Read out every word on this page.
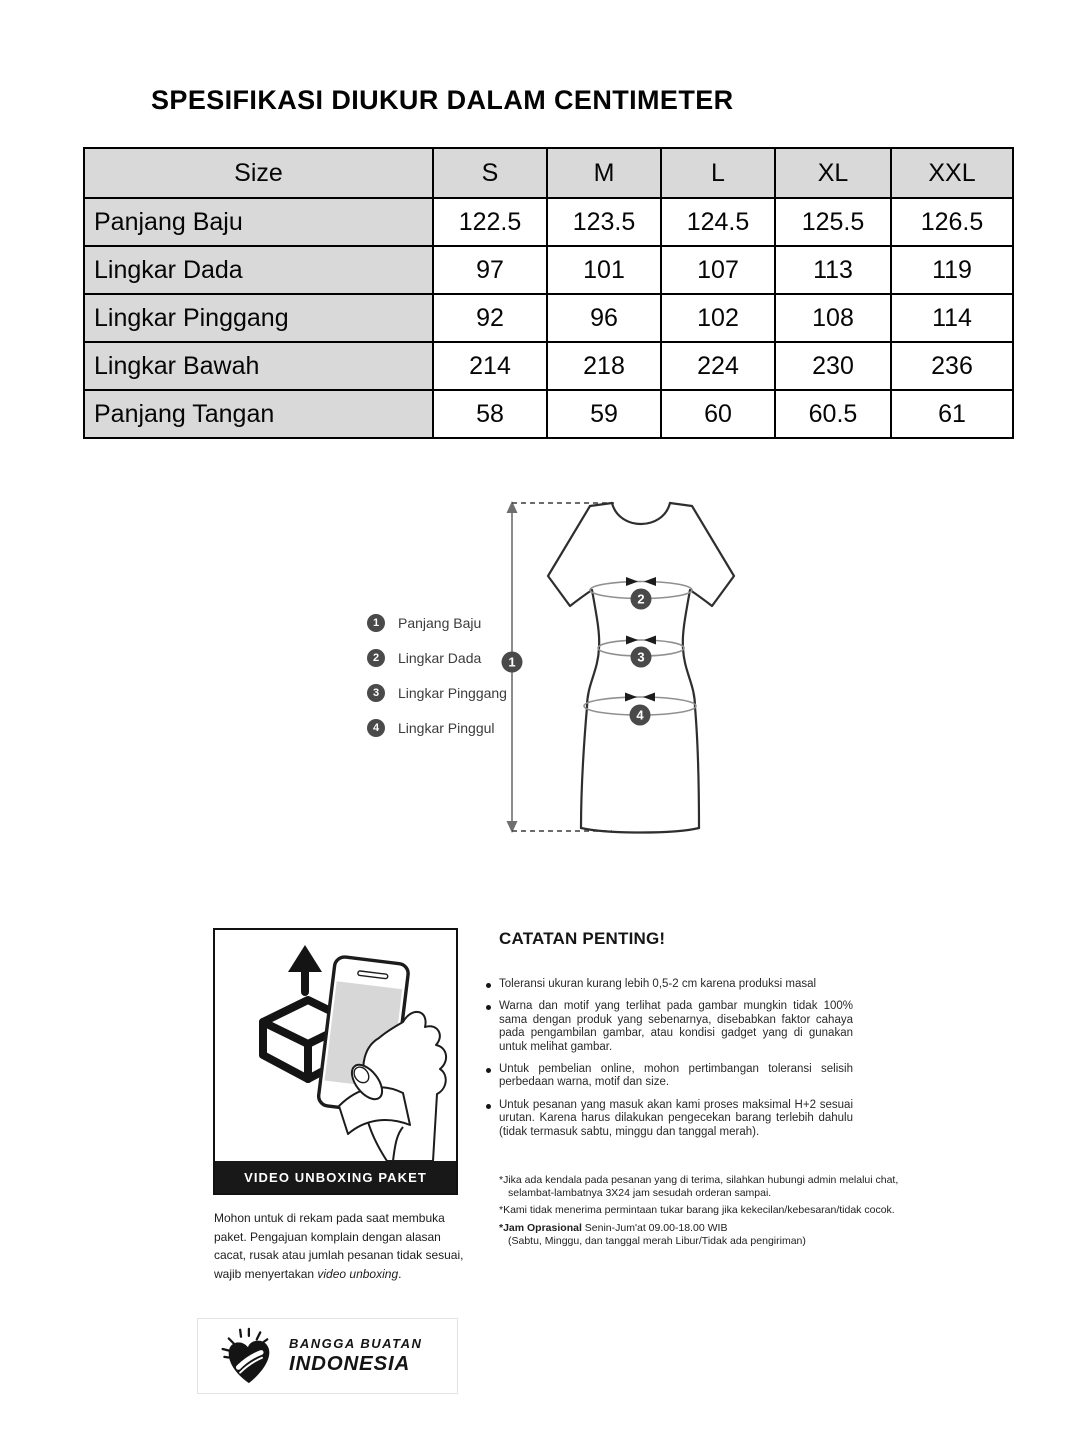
SPESIFIKASI DIUKUR DALAM CENTIMETER
Size	S	M	L	XL	XXL
Panjang Baju	122.5	123.5	124.5	125.5	126.5
Lingkar Dada	97	101	107	113	119
Lingkar Pinggang	92	96	102	108	114
Lingkar Bawah	214	218	224	230	236
Panjang Tangan	58	59	60	60.5	61
1
2
3
4
1	Panjang Baju
2	Lingkar Dada
3	Lingkar Pinggang
4	Lingkar Pinggul
VIDEO UNBOXING PAKET

Mohon untuk di rekam pada saat membuka paket. Pengajuan komplain dengan alasan cacat, rusak atau jumlah pesanan tidak sesuai, wajib menyertakan video unboxing.

CATATAN PENTING!

Toleransi ukuran kurang lebih 0,5-2 cm karena produksi masal

Warna dan motif yang terlihat pada gambar mungkin tidak 100% sama dengan produk yang sebenarnya, disebabkan faktor cahaya pada pengambilan gambar, atau kondisi gadget yang di gunakan untuk melihat gambar.

Untuk pembelian online, mohon pertimbangan toleransi selisih perbedaan warna, motif dan size.

Untuk pesanan yang masuk akan kami proses maksimal H+2 sesuai urutan. Karena harus dilakukan pengecekan barang terlebih dahulu (tidak termasuk sabtu, minggu dan tanggal merah).

*Jika ada kendala pada pesanan yang di terima, silahkan hubungi admin melalui chat, selambat-lambatnya 3X24 jam sesudah orderan sampai.

*Kami tidak menerima permintaan tukar barang jika kekecilan/kebesaran/tidak cocok.

*Jam Oprasional Senin-Jum'at 09.00-18.00 WIB
(Sabtu, Minggu, dan tanggal merah Libur/Tidak ada pengiriman)

BANGGA BUATAN
INDONESIA
